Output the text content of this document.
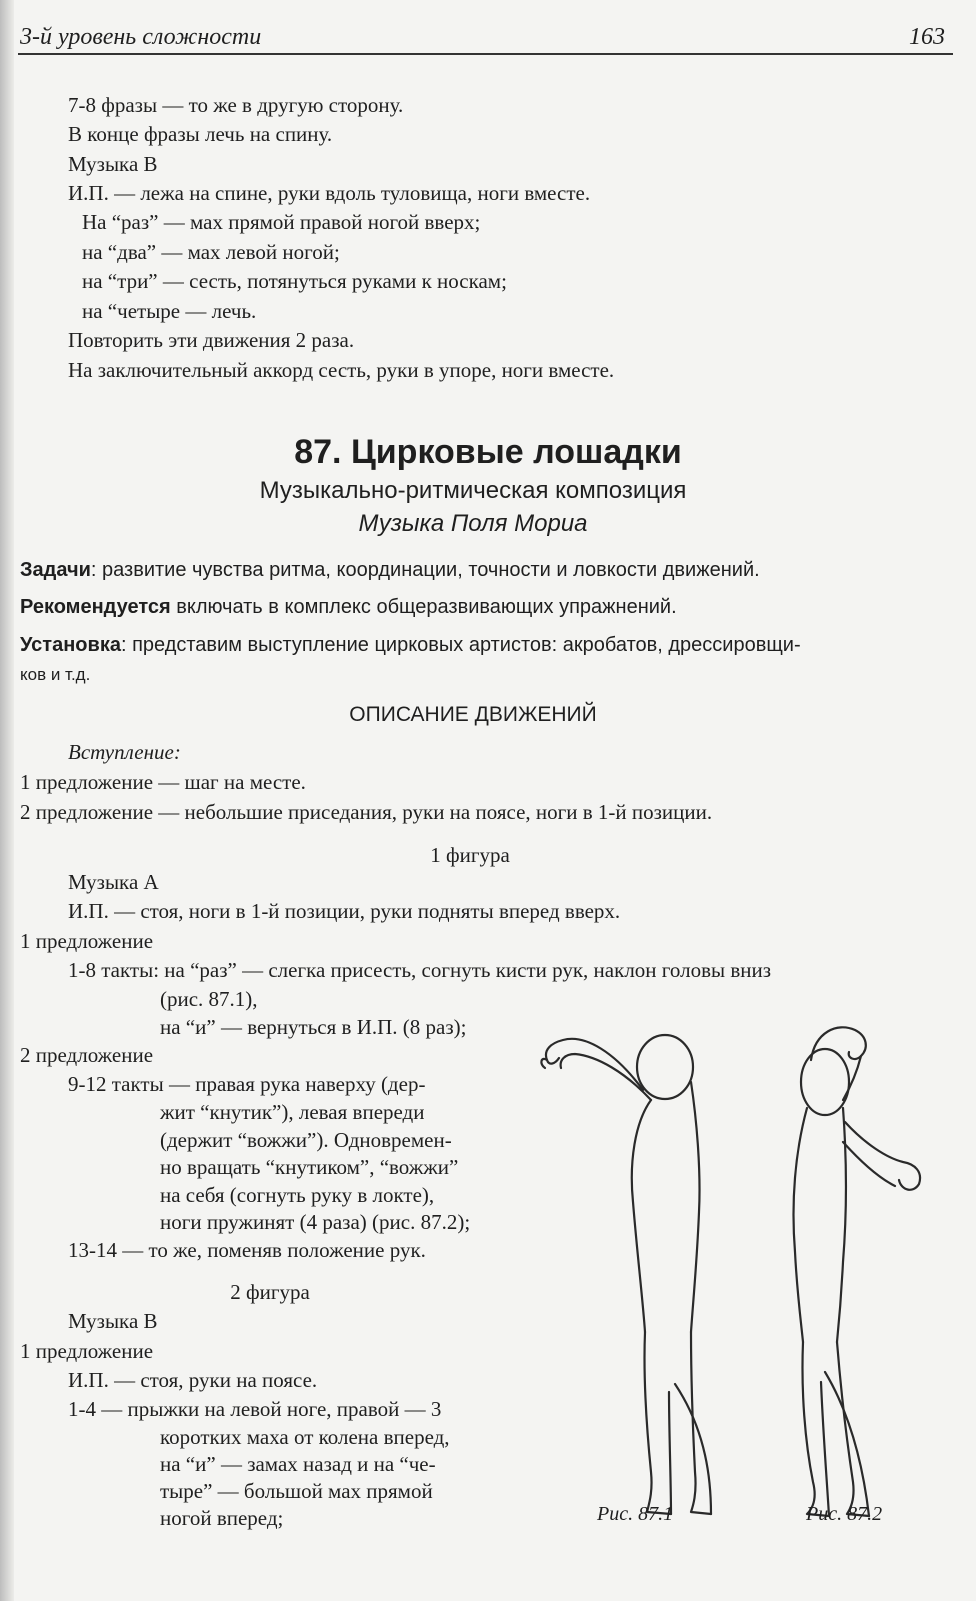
3-й уровень сложности	163
7-8 фразы — то же в другую сторону.
В конце фразы лечь на спину.
Музыка В
И.П. — лежа на спине, руки вдоль туловища, ноги вместе.
На “раз” — мах прямой правой ногой вверх;
на “два” — мах левой ногой;
на “три” — сесть, потянуться руками к носкам;
на “четыре — лечь.
Повторить эти движения 2 раза.
На заключительный аккорд сесть, руки в упоре, ноги вместе.
87. Цирковые лошадки
Музыкально-ритмическая композиция
Музыка Поля Мориа
Задачи: развитие чувства ритма, координации, точности и ловкости движений.
Рекомендуется включать в комплекс общеразвивающих упражнений.
Установка: представим выступление цирковых артистов: акробатов, дрессировщи-
ков и т.д.
ОПИСАНИЕ ДВИЖЕНИЙ
Вступление:
1 предложение — шаг на месте.
2 предложение — небольшие приседания, руки на поясе, ноги в 1-й позиции.
1 фигура
Музыка А
И.П. — стоя, ноги в 1-й позиции, руки подняты вперед вверх.
1 предложение
1-8 такты: на “раз” — слегка присесть, согнуть кисти рук, наклон головы вниз
(рис. 87.1),
на “и” — вернуться в И.П. (8 раз);
2 предложение
9-12 такты — правая рука наверху (дер-
жит “кнутик”), левая впереди
(держит “вожжи”). Одновремен-
но вращать “кнутиком”, “вожжи”
на себя (согнуть руку в локте),
ноги пружинят (4 раза) (рис. 87.2);
13-14 — то же, поменяв положение рук.
2 фигура
Музыка В
1 предложение
И.П. — стоя, руки на поясе.
1-4 — прыжки на левой ноге, правой — 3
коротких маха от колена вперед,
на “и” — замах назад и на “че-
тыре” — большой мах прямой
ногой вперед;	Рис. 87.1	Рис. 87.2
